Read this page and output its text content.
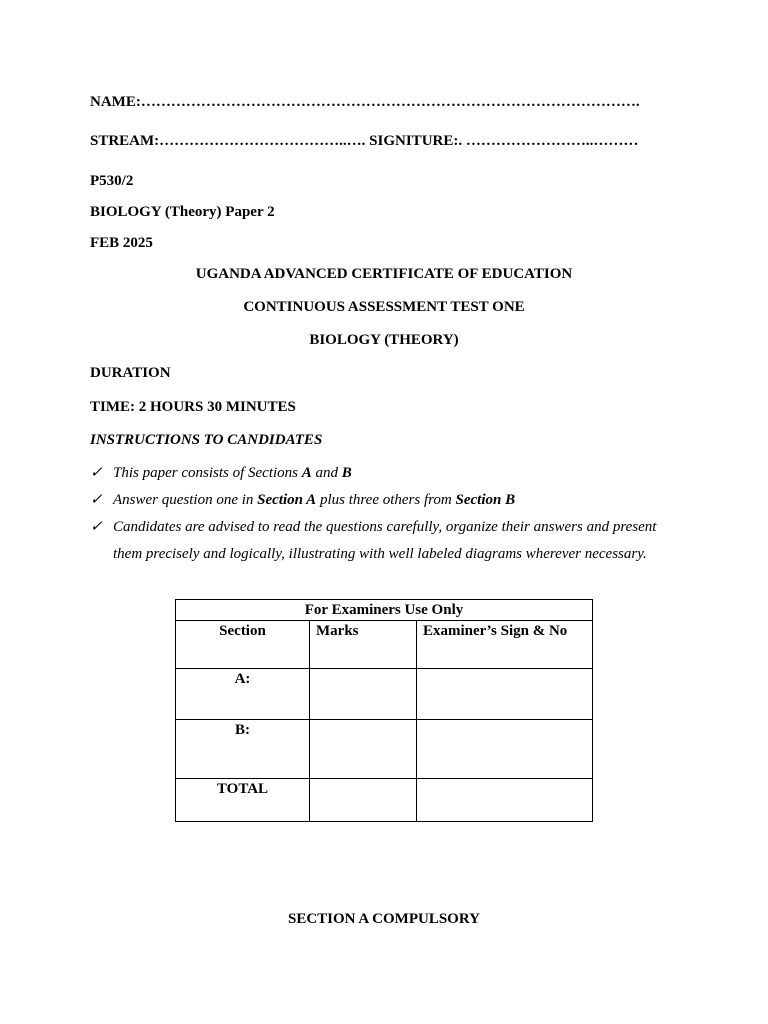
NAME:……………………………………………………………………………………….
STREAM:………………………………..…. SIGNITURE:. ……………………..………
P530/2
BIOLOGY (Theory) Paper 2
FEB 2025
UGANDA ADVANCED CERTIFICATE OF EDUCATION
CONTINUOUS ASSESSMENT TEST ONE
BIOLOGY (THEORY)
DURATION
TIME: 2 HOURS 30 MINUTES
INSTRUCTIONS TO CANDIDATES
✓ This paper consists of Sections A and B
✓ Answer question one in Section A plus three others from Section B
✓ Candidates are advised to read the questions carefully, organize their answers and present them precisely and logically, illustrating with well labeled diagrams wherever necessary.
For Examiners Use Only		
Section	Marks	Examiner’s Sign & No
A:		
B:		
TOTAL		
SECTION A COMPULSORY
